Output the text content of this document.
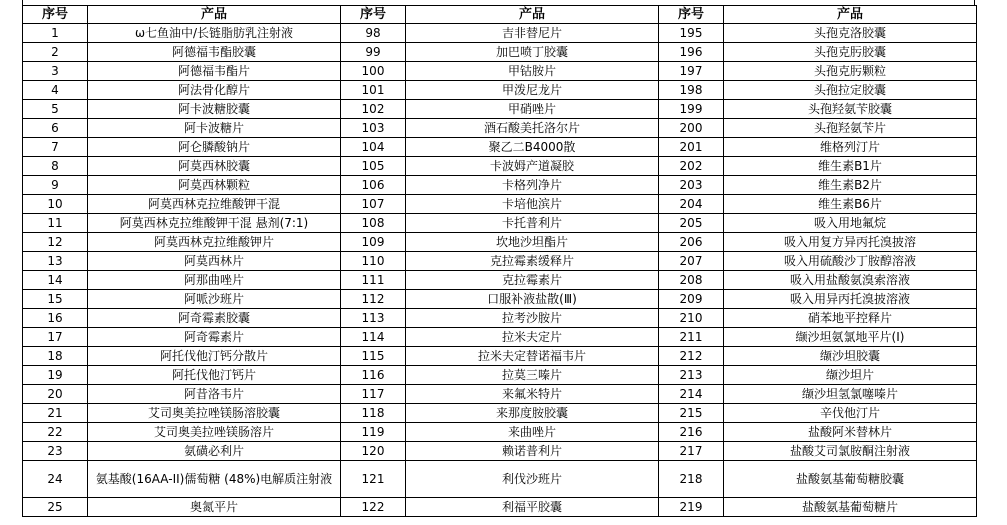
序号	产品	序号	产品	序号	产品
1	ω七鱼油中/长链脂肪乳注射液	98	吉非替尼片	195	头孢克洛胶囊
2	阿德福韦酯胶囊	99	加巴喷丁胶囊	196	头孢克肟胶囊
3	阿德福韦酯片	100	甲钴胺片	197	头孢克肟颗粒
4	阿法骨化醇片	101	甲泼尼龙片	198	头孢拉定胶囊
5	阿卡波糖胶囊	102	甲硝唑片	199	头孢羟氨苄胶囊
6	阿卡波糖片	103	酒石酸美托洛尔片	200	头孢羟氨苄片
7	阿仑膦酸钠片	104	聚乙二B4000散	201	维格列汀片
8	阿莫西林胶囊	105	卡波姆产道凝胶	202	维生素B1片
9	阿莫西林颗粒	106	卡格列净片	203	维生素B2片
10	阿莫西林克拉维酸钾干混	107	卡培他滨片	204	维生素B6片
11	阿莫西林克拉维酸钾干混 悬剂(7:1)	108	卡托普利片	205	吸入用地氟烷
12	阿莫西林克拉维酸钾片	109	坎地沙坦酯片	206	吸入用复方异丙托溴披溶
13	阿莫西林片	110	克拉霉素缓释片	207	吸入用硫酸沙丁胺醇溶液
14	阿那曲唑片	111	克拉霉素片	208	吸入用盐酸氨溴索溶液
15	阿哌沙班片	112	口服补液盐散(Ⅲ)	209	吸入用异丙托溴披溶液
16	阿奇霉素胶囊	113	拉考沙胺片	210	硝苯地平控释片
17	阿奇霉素片	114	拉米夫定片	211	缬沙坦氨氯地平片(Ⅰ)
18	阿托伐他汀钙分散片	115	拉米夫定替诺福韦片	212	缬沙坦胶囊
19	阿托伐他汀钙片	116	拉莫三嗪片	213	缬沙坦片
20	阿昔洛韦片	117	来氟米特片	214	缬沙坦氢氯噻嗪片
21	艾司奥美拉唑镁肠溶胶囊	118	来那度胺胶囊	215	辛伐他汀片
22	艾司奥美拉唑镁肠溶片	119	来曲唑片	216	盐酸阿米替林片
23	氨磺必利片	120	赖诺普利片	217	盐酸艾司氯胺酮注射液
24	氨基酸(16AA-II)儒萄糖 (48%)电解质注射液	121	利伐沙班片	218	盐酸氨基葡萄糖胶囊
25	奥氮平片	122	利福平胶囊	219	盐酸氨基葡萄糖片
